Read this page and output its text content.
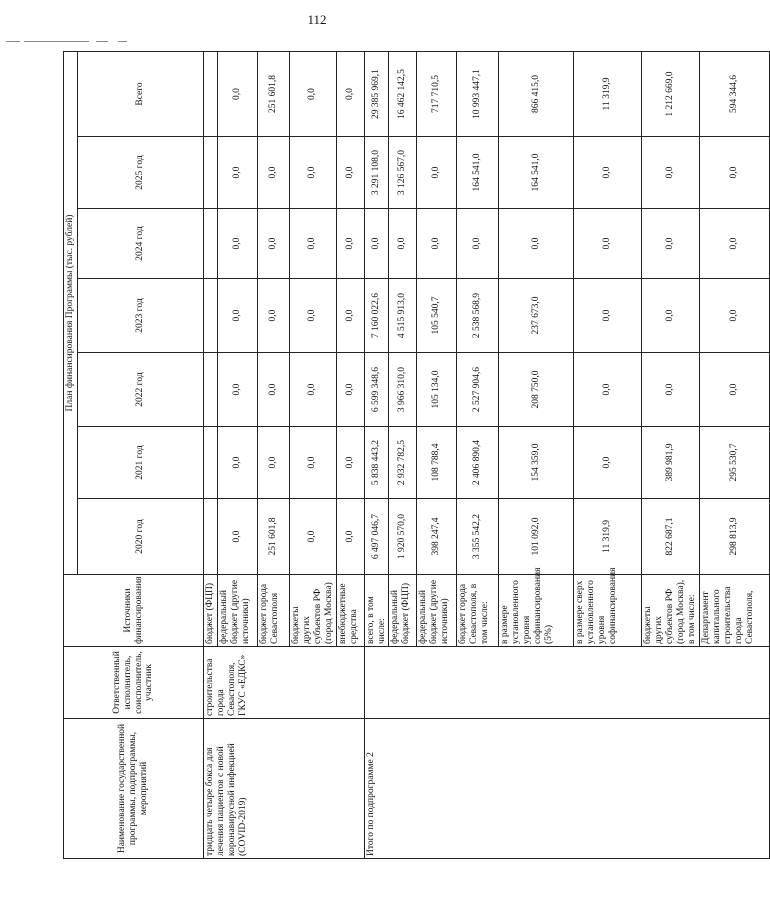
112
Наименование государственной программы, подпрограммы, мероприятий	Ответственный исполнитель, соисполнитель, участник	Источники финансирования	План финансирования Программы (тыс. рублей)						
			2020 год	2021 год	2022 год	2023 год	2024 год	2025 год	Всего
тридцать четыре бокса для лечения пациентов с новой коронавирусной инфекцией (COVID-2019)	строительства города Севастополя, ГКУС «ЕДКС»	бюджет (ФЦП)							
		федеральный бюджет (другие источники)	0,0	0,0	0,0	0,0	0,0	0,0	0,0
		бюджет города Севастополя	251 601,8	0,0	0,0	0,0	0,0	0,0	251 601,8
		бюджеты других субъектов РФ (город Москва)	0,0	0,0	0,0	0,0	0,0	0,0	0,0
		внебюджетные средства	0,0	0,0	0,0	0,0	0,0	0,0	0,0
Итого по подпрограмме 2		всего, в том числе:	6 497 046,7	5 838 443,2	6 599 348,6	7 160 022,6	0,0	3 291 108,0	29 385 969,1
		федеральный бюджет (ФЦП)	1 920 570,0	2 932 782,5	3 966 310,0	4 515 913,0	0,0	3 126 567,0	16 462 142,5
		федеральный бюджет (другие источники)	398 247,4	108 788,4	105 134,0	105 540,7	0,0	0,0	717 710,5
		бюджет города Севастополя, в том числе:	3 355 542,2	2 406 890,4	2 527 904,6	2 538 568,9	0,0	164 541,0	10 993 447,1
		в размере установленного уровня софинансирования (5%)	101 092,0	154 359,0	208 750,0	237 673,0	0,0	164 541,0	866 415,0
		в размере сверх установленного уровня софинансирования	11 319,9	0,0	0,0	0,0	0,0	0,0	11 319,9
		бюджеты других субъектов РФ (город Москва), в том числе:	822 687,1	389 981,9	0,0	0,0	0,0	0,0	1 212 669,0
		Департамент капитального строительства города Севастополя,	298 813,9	295 530,7	0,0	0,0	0,0	0,0	594 344,6
